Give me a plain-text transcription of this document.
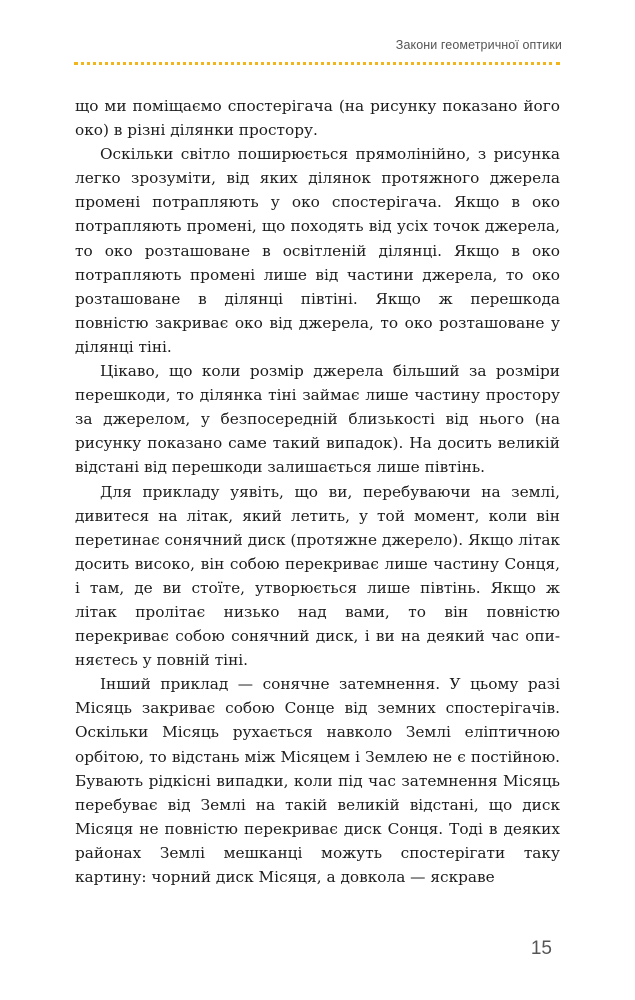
Закони геометричної оптики

що ми поміщаємо спостерігача (на рисунку показано його око) в різні ділянки простору.

Оскільки світло поширюється прямолінійно, з рисунка легко зрозуміти, від яких ділянок протяжного джерела промені потрапляють у око спостерігача. Якщо в око потрапляють промені, що походять від усіх точок джерела, то око розташоване в освітленій ділянці. Якщо в око потрапляють промені лише від частини джерела, то око розташоване в ділянці півтіні. Якщо ж перешкода повністю закриває око від джерела, то око розташоване у ділянці тіні.

Цікаво, що коли розмір джерела більший за розміри перешкоди, то ділянка тіні займає лише частину простору за джерелом, у безпосередній близькості від нього (на рисунку показано саме такий випадок). На досить великій відстані від перешкоди залишається лише півтінь.

Для прикладу уявіть, що ви, перебуваючи на землі, дивитеся на літак, який летить, у той момент, коли він перетинає сонячний диск (протяжне джерело). Якщо літак досить високо, він собою перекриває лише частину Сонця, і там, де ви стоїте, утворюється лише півтінь. Якщо ж літак пролітає низько над вами, то він повністю перекриває собою сонячний диск, і ви на деякий час опиняєтесь у повній тіні.

Інший приклад — сонячне затемнення. У цьому разі Місяць закриває собою Сонце від земних спостерігачів. Оскільки Місяць рухається навколо Землі еліптичною орбітою, то відстань між Місяцем і Землею не є постійною. Бувають рідкісні випадки, коли під час затемнення Місяць перебуває від Землі на такій великій відстані, що диск Місяця не повністю перекриває диск Сонця. Тоді в деяких районах Землі мешканці можуть спостерігати таку картину: чорний диск Місяця, а довкола — яскраве

15
